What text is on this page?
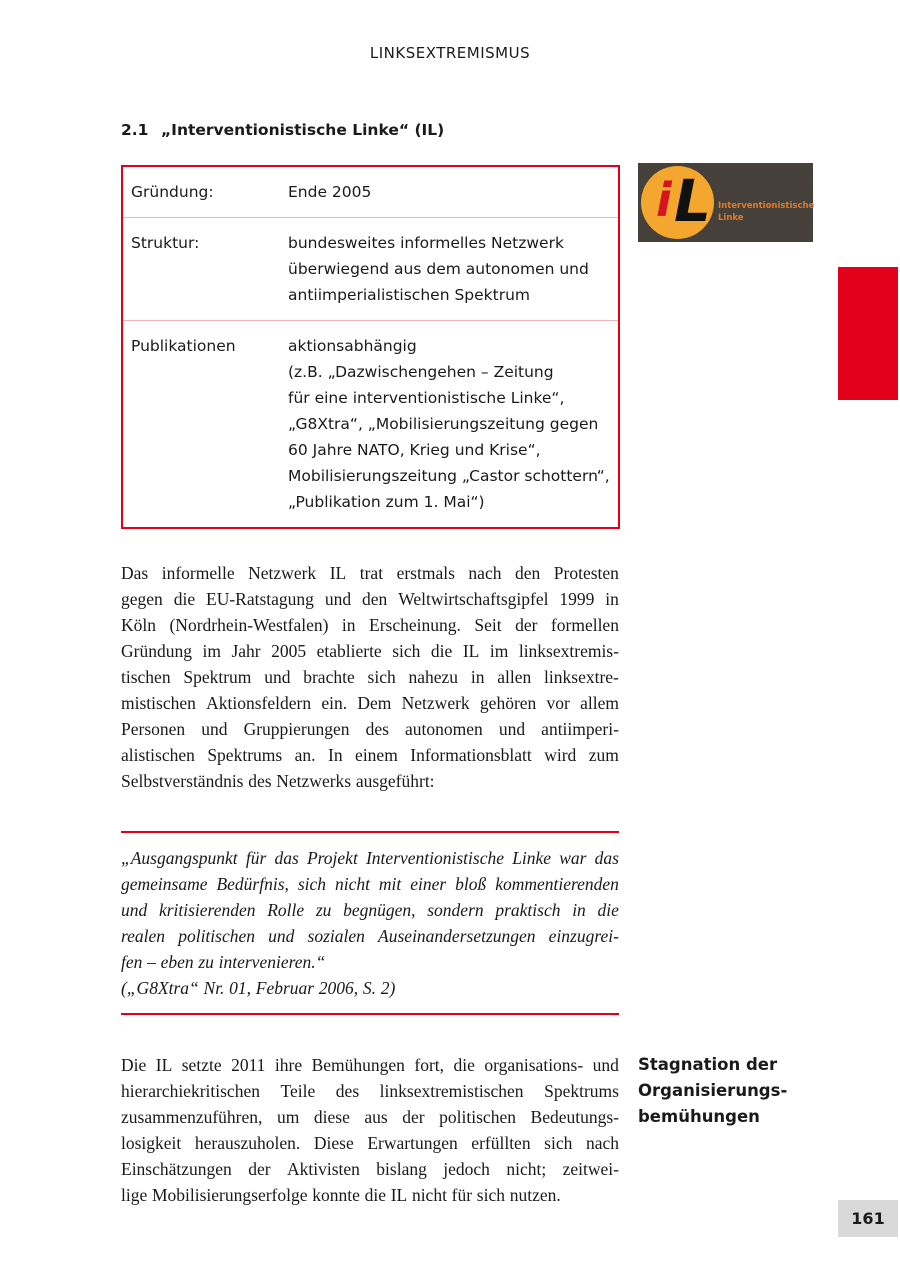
LINKSEXTREMISMUS
2.1 „Interventionistische Linke“ (IL)
Gründung:	Ende 2005
Struktur:	bundesweites informelles Netzwerk
überwiegend aus dem autonomen und
antiimperialistischen Spektrum
Publikationen	aktionsabhängig
(z.B. „Dazwischengehen – Zeitung
für eine interventionistische Linke“,
„G8Xtra“, „Mobilisierungszeitung gegen
60 Jahre NATO, Krieg und Krise“,
Mobilisierungszeitung „Castor schottern“,
„Publikation zum 1. Mai“)
L
i	Interventionistische
Linke
Das informelle Netzwerk IL trat erstmals nach den Protesten
gegen die EU-Ratstagung und den Weltwirtschaftsgipfel 1999 in
Köln (Nordrhein-Westfalen) in Erscheinung. Seit der formellen
Gründung im Jahr 2005 etablierte sich die IL im linksextremis-
tischen Spektrum und brachte sich nahezu in allen linksextre-
mistischen Aktionsfeldern ein. Dem Netzwerk gehören vor allem
Personen und Gruppierungen des autonomen und antiimperi-
alistischen Spektrums an. In einem Informationsblatt wird zum
Selbstverständnis des Netzwerks ausgeführt:
„Ausgangspunkt für das Projekt Interventionistische Linke war das
gemeinsame Bedürfnis, sich nicht mit einer bloß kommentierenden
und kritisierenden Rolle zu begnügen, sondern praktisch in die
realen politischen und sozialen Auseinandersetzungen einzugrei-
fen – eben zu intervenieren.“
(„G8Xtra“ Nr. 01, Februar 2006, S. 2)
Die IL setzte 2011 ihre Bemühungen fort, die organisations- und
hierarchiekritischen Teile des linksextremistischen Spektrums
zusammenzuführen, um diese aus der politischen Bedeutungs-
losigkeit herauszuholen. Diese Erwartungen erfüllten sich nach
Einschätzungen der Aktivisten bislang jedoch nicht; zeitwei-
lige Mobilisierungserfolge konnte die IL nicht für sich nutzen.
Stagnation der
Organisierungs-
bemühungen
161
